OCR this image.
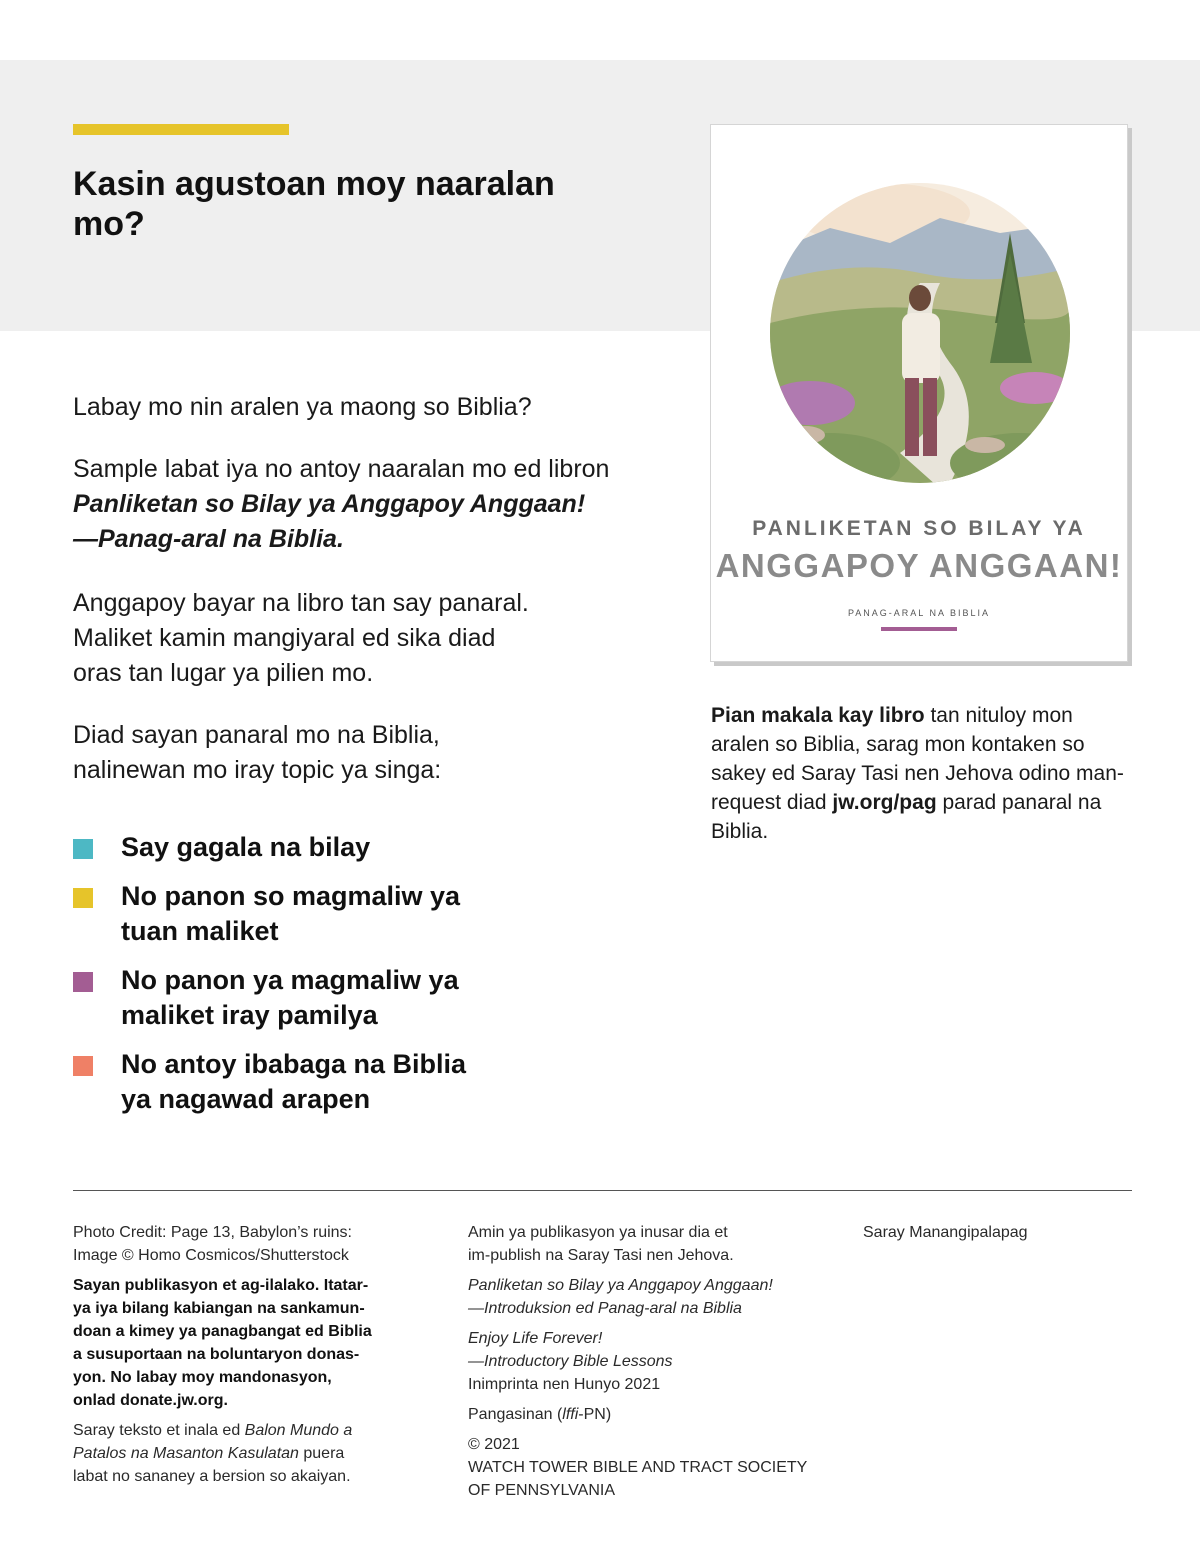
Kasin agustoan moy naaralan mo?

Labay mo nin aralen ya maong so Biblia?

Sample labat iya no antoy naaralan mo ed libron
Panliketan so Bilay ya Anggapoy Anggaan!
—Panag-aral na Biblia.
Anggapoy bayar na libro tan say panaral.
Maliket kamin mangiyaral ed sika diad
oras tan lugar ya pilien mo.
Diad sayan panaral mo na Biblia,
nalinewan mo iray topic ya singa:
Say gagala na bilay
No panon so magmaliw ya
tuan maliket
No panon ya magmaliw ya
maliket iray pamilya
No antoy ibabaga na Biblia
ya nagawad arapen
PANLIKETAN SO BILAY YA
ANGGAPOY ANGGAAN!
PANAG-ARAL NA BIBLIA

Pian makala kay libro tan nituloy mon aralen so Biblia, sarag mon kontaken so sakey ed Saray Tasi nen Jehova odino man-request diad jw.org/pag parad panaral na Biblia.

Photo Credit: Page 13, Babylon’s ruins:
Image © Homo Cosmicos/Shutterstock

Sayan publikasyon et ag-ilalako. Itatar-
ya iya bilang kabiangan na sankamun-
doan a kimey ya panagbangat ed Biblia
a susuportaan na boluntaryon donas-
yon. No labay moy mandonasyon,
onlad donate.jw.org.

Saray teksto et inala ed Balon Mundo a
Patalos na Masanton Kasulatan puera
labat no sananey a bersion so akaiyan.

Amin ya publikasyon ya inusar dia et
im-publish na Saray Tasi nen Jehova.

Panliketan so Bilay ya Anggapoy Anggaan!
—Introduksion ed Panag-aral na Biblia

Enjoy Life Forever!
—Introductory Bible Lessons
Inimprinta nen Hunyo 2021

Pangasinan (lffi-PN)

© 2021
WATCH TOWER BIBLE AND TRACT SOCIETY
OF PENNSYLVANIA

Saray Manangipalapag
